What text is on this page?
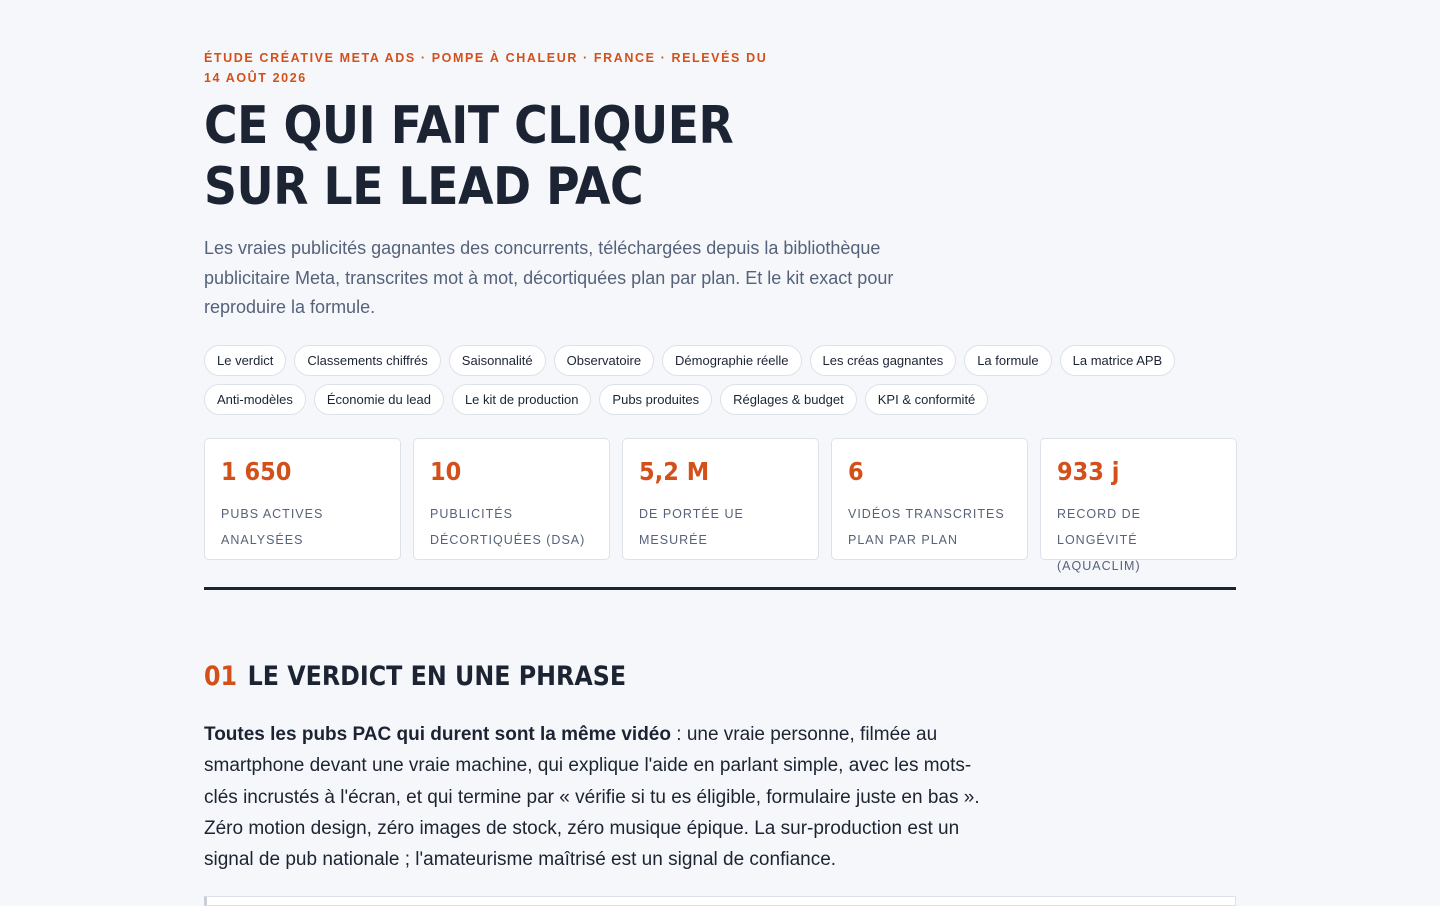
ÉTUDE CRÉATIVE META ADS · POMPE À CHALEUR · FRANCE · RELEVÉS DU 14 AOÛT 2026
CE QUI FAIT CLIQUER
SUR LE LEAD PAC

Les vraies publicités gagnantes des concurrents, téléchargées depuis la bibliothèque publicitaire Meta, transcrites mot à mot, décortiquées plan par plan. Et le kit exact pour reproduire la formule.

Le verdict	Classements chiffrés	Saisonnalité	Observatoire	Démographie réelle	Les créas gagnantes	La formule	La matrice APB
Anti-modèles	Économie du lead	Le kit de production	Pubs produites	Réglages & budget	KPI & conformité
1 650
PUBS ACTIVES ANALYSÉES
10
PUBLICITÉS DÉCORTIQUÉES (DSA)
5,2 M
DE PORTÉE UE MESURÉE
6
VIDÉOS TRANSCRITES PLAN PAR PLAN
933 j
RECORD DE LONGÉVITÉ (AQUACLIM)
01 LE VERDICT EN UNE PHRASE

Toutes les pubs PAC qui durent sont la même vidéo : une vraie personne, filmée au smartphone devant une vraie machine, qui explique l'aide en parlant simple, avec les mots-clés incrustés à l'écran, et qui termine par « vérifie si tu es éligible, formulaire juste en bas ». Zéro motion design, zéro images de stock, zéro musique épique. La sur-production est un signal de pub nationale ; l'amateurisme maîtrisé est un signal de confiance.
